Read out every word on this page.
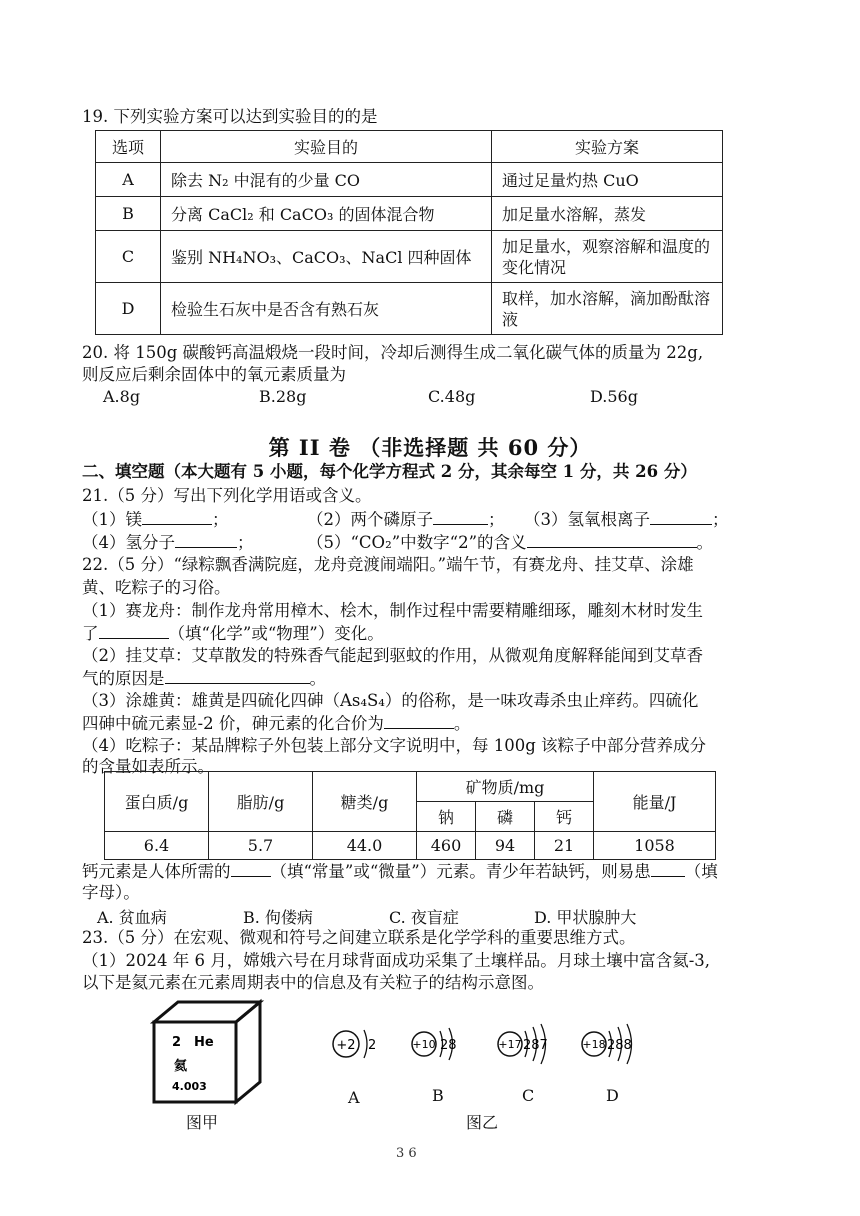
19. 下列实验方案可以达到实验目的的是
选项	实验目的	实验方案
A	除去 N₂ 中混有的少量 CO	通过足量灼热 CuO
B	分离 CaCl₂ 和 CaCO₃ 的固体混合物	加足量水溶解，蒸发
C	鉴别 NH₄NO₃、CaCO₃、NaCl 四种固体	加足量水，观察溶解和温度的变化情况
D	检验生石灰中是否含有熟石灰	取样，加水溶解，滴加酚酞溶液
20. 将 150g 碳酸钙高温煅烧一段时间，冷却后测得生成二氧化碳气体的质量为 22g,
则反应后剩余固体中的氧元素质量为
A.8g	B.28g	C.48g	D.56g
第 II 卷 （非选择题 共 60 分）
二、填空题（本大题有 5 小题，每个化学方程式 2 分，其余每空 1 分，共 26 分）
21.（5 分）写出下列化学用语或含义。
（1）镁	；	（2）两个磷原子	； （3）氢氧根离子	；
（4）氢分子	；	（5）“CO₂”中数字“2”的含义	。
22.（5 分）“绿粽飘香满院庭，龙舟竞渡闹端阳。”端午节，有赛龙舟、挂艾草、涂雄
黄、吃粽子的习俗。
（1）赛龙舟：制作龙舟常用樟木、桧木，制作过程中需要精雕细琢，雕刻木材时发生
了	（填“化学”或“物理”）变化。
（2）挂艾草：艾草散发的特殊香气能起到驱蚊的作用，从微观角度解释能闻到艾草香
气的原因是	。
（3）涂雄黄：雄黄是四硫化四砷（As₄S₄）的俗称，是一味攻毒杀虫止痒药。四硫化
四砷中硫元素显-2 价，砷元素的化合价为	。
（4）吃粽子：某品牌粽子外包装上部分文字说明中，每 100g 该粽子中部分营养成分
的含量如表所示。
蛋白质/g	脂肪/g	糖类/g	矿物质/mg			能量/J
			钠	磷	钙	
6.4	5.7	44.0	460	94	21	1058
钙元素是人体所需的 （填“常量”或“微量”）元素。青少年若缺钙，则易患 （填
字母）。
A. 贫血病	B. 佝偻病	C. 夜盲症	D. 甲状腺肿大
23.（5 分）在宏观、微观和符号之间建立联系是化学学科的重要思维方式。
（1）2024 年 6 月，嫦娥六号在月球背面成功采集了土壤样品。月球土壤中富含氦-3,
以下是氦元素在元素周期表中的信息及有关粒子的结构示意图。
2 He
氦
4.003
图甲
+2 2
A
+10 28
B
+17 287
C
+18 288
D
图乙
3 6
